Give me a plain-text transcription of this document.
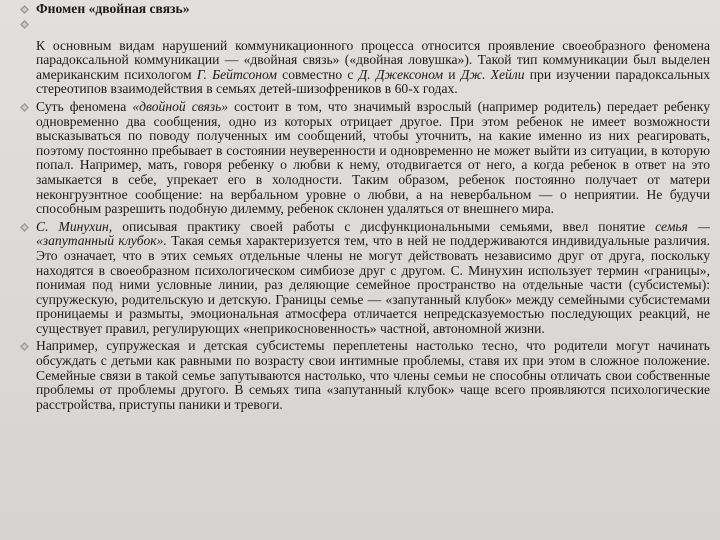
Фномен «двойная связь»
К основным видам нарушений коммуникационного процесса относится проявление своеобразного феномена парадоксальной коммуникации — «двойная связь» («двойная ловушка»). Такой тип коммуникации был выделен американским психологом Г. Бейтсоном совместно с Д. Джексоном и Дж. Хейли при изучении парадоксальных стереотипов взаимодействия в семьях детей-шизофреников в 60-х годах.
Суть феномена «двойной связь» состоит в том, что значимый взрослый (например родитель) передает ребенку одновременно два сообщения, одно из которых отрицает другое. При этом ребенок не имеет возможности высказываться по поводу полученных им сообщений, чтобы уточнить, на какие именно из них реагировать, поэтому постоянно пребывает в состоянии неуверенности и одновременно не может выйти из ситуации, в которую попал. Например, мать, говоря ребенку о любви к нему, отодвигается от него, а когда ребенок в ответ на это замыкается в себе, упрекает его в холодности. Таким образом, ребенок постоянно получает от матери неконгруэнтное сообщение: на вербальном уровне о любви, а на невербальном — о неприятии. Не будучи способным разрешить подобную дилемму, ребенок склонен удаляться от внешнего мира.
С. Минухин, описывая практику своей работы с дисфункциональными семьями, ввел понятие семья — «запутанный клубок». Такая семья характеризуется тем, что в ней не поддерживаются индивидуальные различия. Это означает, что в этих семьях отдельные члены не могут действовать независимо друг от друга, поскольку находятся в своеобразном психологическом симбиозе друг с другом. С. Минухин использует термин «границы», понимая под ними условные линии, раз деляющие семейное пространство на отдельные части (субсистемы): супружескую, родительскую и детскую. Границы семье — «запутанный клубок» между семейными субсистемами проницаемы и размыты, эмоциональная атмосфера отличается непредсказуемостью последующих реакций, не существует правил, регулирующих «неприкосновенность» частной, автономной жизни.
Например, супружеская и детская субсистемы переплетены настолько тесно, что родители могут начинать обсуждать с детьми как равными по возрасту свои интимные проблемы, ставя их при этом в сложное положение. Семейные связи в такой семье запутываются настолько, что члены семьи не способны отличать свои собственные проблемы от проблемы другого. В семьях типа «запутанный клубок» чаще всего проявляются психологические расстройства, приступы паники и тревоги.
